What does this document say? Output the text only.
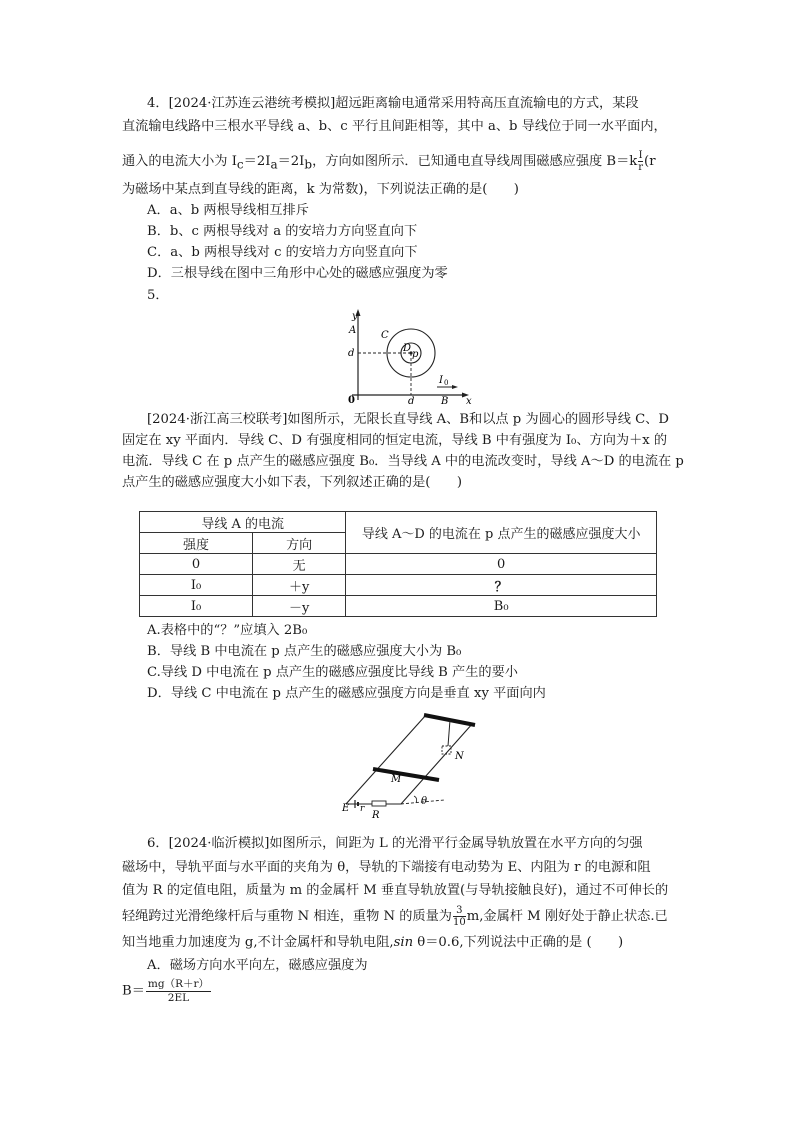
4．[2024·江苏连云港统考模拟]超远距离输电通常采用特高压直流输电的方式，某段
直流输电线路中三根水平导线 a、b、c 平行且间距相等，其中 a、b 导线位于同一水平面内，
通入的电流大小为 $I_c=2I_a=2I_b$，方向如图所示．已知通电直导线周围磁感应强度 $B=k \frac{I}{r} (r$
为磁场中某点到直导线的距离，k 为常数)，下列说法正确的是(　　)
A．a、b 两根导线相互排斥
B．b、c 两根导线对 a 的安培力方向竖直向下
C．a、b 两根导线对 c 的安培力方向竖直向下
D．三根导线在图中三角形中心处的磁感应强度为零
5．
y
A C
d	D
p
I 0
0	d	B x
[2024·浙江高三校联考]如图所示，无限长直导线 A、B和以点 p 为圆心的圆形导线 C、D
固定在 xy 平面内．导线 C、D 有强度相同的恒定电流，导线 B 中有强度为 I₀、方向为＋x 的
电流．导线 C 在 p 点产生的磁感应强度 B₀．当导线 A 中的电流改变时，导线 A～D 的电流在 p
点产生的磁感应强度大小如下表，下列叙述正确的是(　　)
导线 A 的电流		导线 A～D 的电流在 p 点产生的磁感应强度大小
强度	方向	
0	无	0
I₀	＋y	？
I₀	－y	B₀
A.表格中的“？”应填入 2B₀
B．导线 B 中电流在 p 点产生的磁感应强度大小为 B₀
C.导线 D 中电流在 p 点产生的磁感应强度比导线 B 产生的要小
D．导线 C 中电流在 p 点产生的磁感应强度方向是垂直 xy 平面向内
N
M
E r
R
θ
6．[2024·临沂模拟]如图所示，间距为 L 的光滑平行金属导轨放置在水平方向的匀强
磁场中，导轨平面与水平面的夹角为 θ，导轨的下端接有电动势为 E、内阻为 r 的电源和阻
值为 R 的定值电阻，质量为 m 的金属杆 M 垂直导轨放置(与导轨接触良好)，通过不可伸长的
轻绳跨过光滑绝缘杆后与重物 N 相连，重物 N 的质量为 $\frac{3}{10} m$,金属杆 M 刚好处于静止状态.已
知当地重力加速度为 g,不计金属杆和导轨电阻,sin θ＝0.6,下列说法中正确的是 (　　)
A．磁场方向水平向左，磁感应强度为
$B= \frac{mg(R+r)}{2EL}$
